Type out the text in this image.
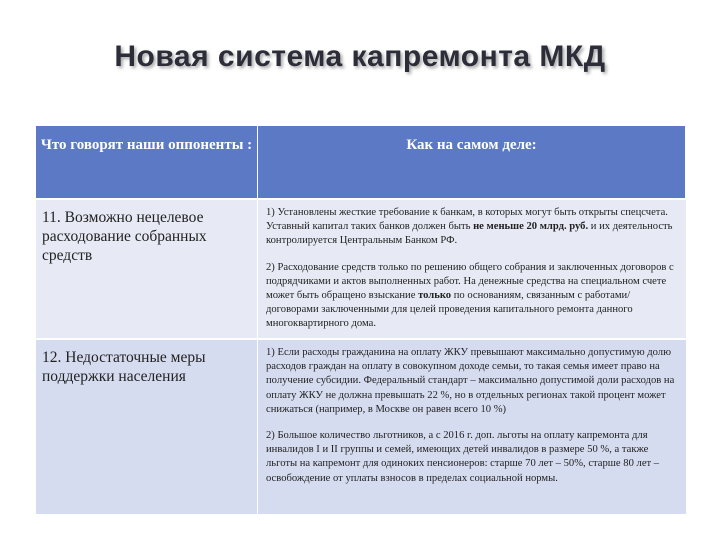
Новая система капремонта МКД
Что говорят наши оппоненты :	Как на самом деле:
11. Возможно нецелевое расходование собранных средств

1) Установлены жесткие требование к банкам, в которых могут быть открыты спецсчета. Уставный капитал таких банков должен быть не меньше 20 млрд. руб. и их деятельность контролируется Центральным Банком РФ.

2) Расходование средств только по решению общего собрания и заключенных договоров с подрядчиками и актов выполненных работ. На денежные средства на специальном счете может быть обращено взыскание только по основаниям, связанным с работами/договорами заключенными для целей проведения капитального ремонта данного многоквартирного дома.

12. Недостаточные меры поддержки населения

1) Если расходы гражданина на оплату ЖКУ превышают максимально допустимую долю расходов граждан на оплату в совокупном доходе семьи, то такая семья имеет право на получение субсидии. Федеральный стандарт – максимально допустимой доли расходов на оплату ЖКУ не должна превышать 22 %, но в отдельных регионах такой процент может снижаться (например, в Москве он равен всего 10 %)

2) Большое количество льготников, а с 2016 г. доп. льготы на оплату капремонта для инвалидов I и II группы и семей, имеющих детей инвалидов в размере 50 %, а также льготы на капремонт для одиноких пенсионеров: старше 70 лет – 50%, старше 80 лет – освобождение от уплаты взносов в пределах социальной нормы.
